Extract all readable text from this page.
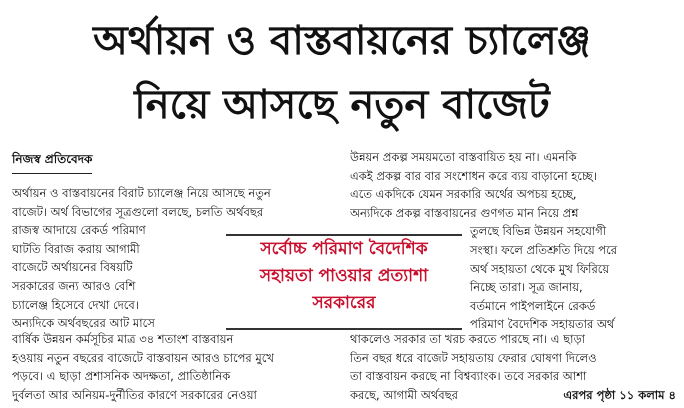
অর্থায়ন ও বাস্তবায়নের চ্যালেঞ্জ
নিয়ে আসছে নতুন বাজেট
নিজস্ব প্রতিবেদক
অর্থায়ন ও বাস্তবায়নের বিরাট চ্যালেঞ্জ নিয়ে আসছে নতুন
বাজেট। অর্থ বিভাগের সূত্রগুলো বলছে, চলতি অর্থবছর
রাজস্ব আদায়ে রেকর্ড পরিমাণ
ঘাটতি বিরাজ করায় আগামী
বাজেটে অর্থায়নের বিষয়টি
সরকারের জন্য আরও বেশি
চ্যালেঞ্জ হিসেবে দেখা দেবে।
অন্যদিকে অর্থবছরের আট মাসে
উন্নয়ন প্রকল্প সময়মতো বাস্তবায়িত হয় না। এমনকি
একই প্রকল্প বার বার সংশোধন করে ব্যয় বাড়ানো হচ্ছে।
এতে একদিকে যেমন সরকারি অর্থের অপচয় হচ্ছে,
অন্যদিকে প্রকল্প বাস্তবায়নের গুণগত মান নিয়ে প্রশ্ন
তুলছে বিভিন্ন উন্নয়ন সহযোগী
সংস্থা। ফলে প্রতিশ্রুতি দিয়ে পরে
অর্থ সহায়তা থেকে মুখ ফিরিয়ে
নিচ্ছে তারা। সূত্র জানায়,
বর্তমানে পাইপলাইনে রেকর্ড
পরিমাণ বৈদেশিক সহায়তার অর্থ
বার্ষিক উন্নয়ন কর্মসূচির মাত্র ৩৪ শতাংশ বাস্তবায়ন
হওয়ায় নতুন বছরের বাজেটে বাস্তবায়ন আরও চাপের মুখে
পড়বে। এ ছাড়া প্রশাসনিক অদক্ষতা, প্রাতিষ্ঠানিক
দুর্বলতা আর অনিয়ম-দুর্নীতির কারণে সরকারের নেওয়া
থাকলেও সরকার তা খরচ করতে পারছে না। এ ছাড়া
তিন বছর ধরে বাজেট সহায়তায় ফেরার ঘোষণা দিলেও
তা বাস্তবায়ন করছে না বিশ্বব্যাংক। তবে সরকার আশা
করছে, আগামী অর্থবছর	এরপর পৃষ্ঠা ১১ কলাম ৪
সর্বোচ্চ পরিমাণ বৈদেশিক
সহায়তা পাওয়ার প্রত্যাশা
সরকারের
